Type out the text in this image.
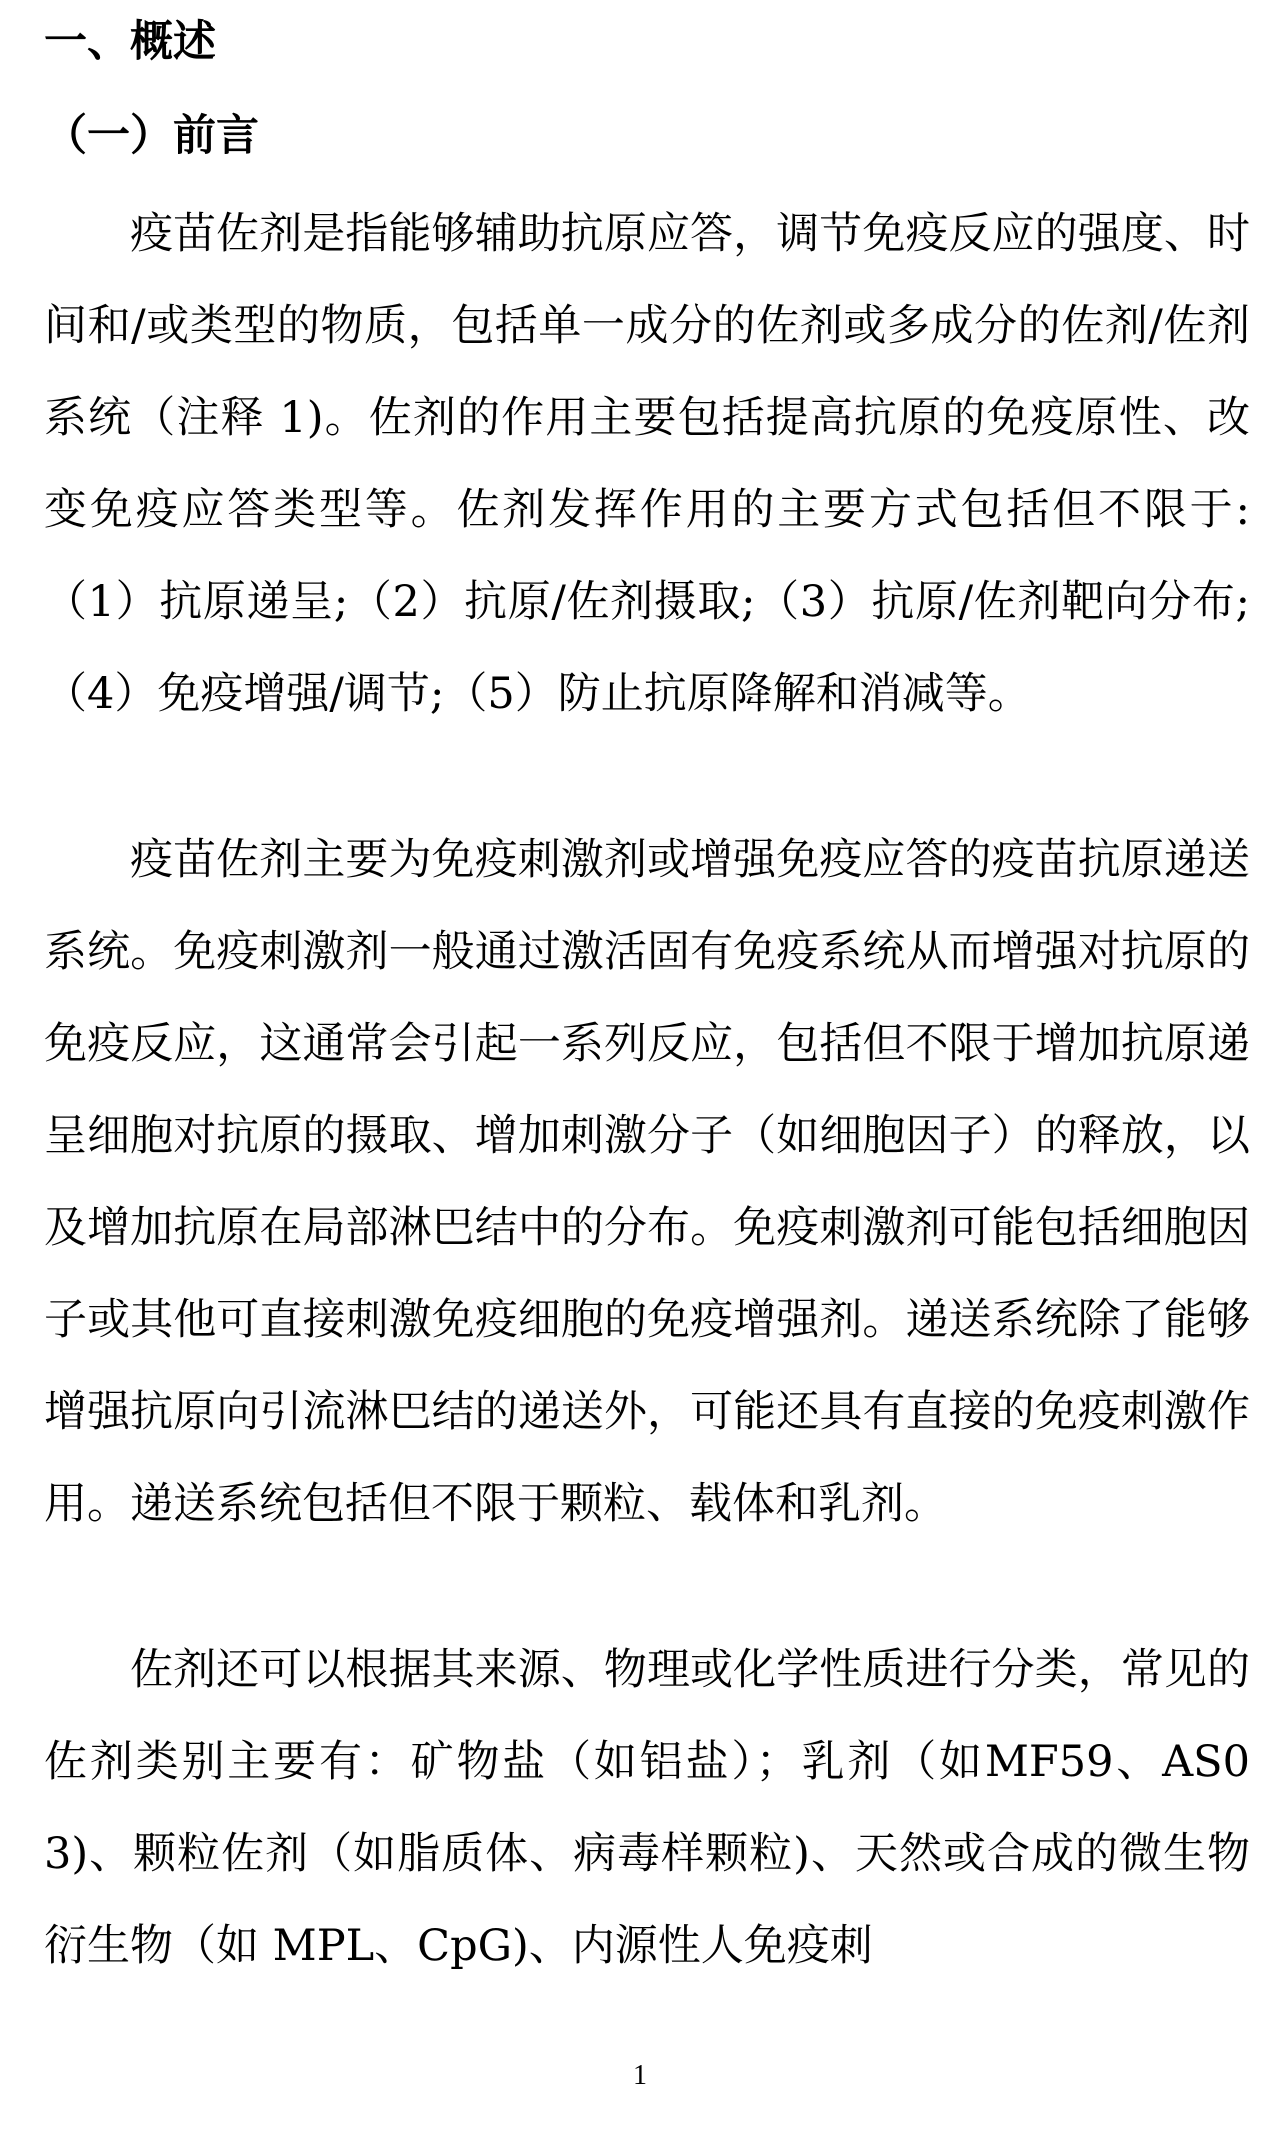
一、概述
（一）前言

疫苗佐剂是指能够辅助抗原应答，调节免疫反应的强度、时间和/或类型的物质，包括单一成分的佐剂或多成分的佐剂/佐剂系统（注释 1)。佐剂的作用主要包括提高抗原的免疫原性、改变免疫应答类型等。佐剂发挥作用的主要方式包括但不限于:（1）抗原递呈;（2）抗原/佐剂摄取;（3）抗原/佐剂靶向分布;（4）免疫增强/调节;（5）防止抗原降解和消减等。

疫苗佐剂主要为免疫刺激剂或增强免疫应答的疫苗抗原递送系统。免疫刺激剂一般通过激活固有免疫系统从而增强对抗原的免疫反应，这通常会引起一系列反应，包括但不限于增加抗原递呈细胞对抗原的摄取、增加刺激分子（如细胞因子）的释放，以及增加抗原在局部淋巴结中的分布。免疫刺激剂可能包括细胞因子或其他可直接刺激免疫细胞的免疫增强剂。递送系统除了能够增强抗原向引流淋巴结的递送外，可能还具有直接的免疫刺激作用。递送系统包括但不限于颗粒、载体和乳剂。

佐剂还可以根据其来源、物理或化学性质进行分类，常见的佐剂类别主要有：矿物盐（如铝盐）；乳剂（如MF59、AS03)、颗粒佐剂（如脂质体、病毒样颗粒)、天然或合成的微生物衍生物（如 MPL、CpG)、内源性人免疫刺

1
